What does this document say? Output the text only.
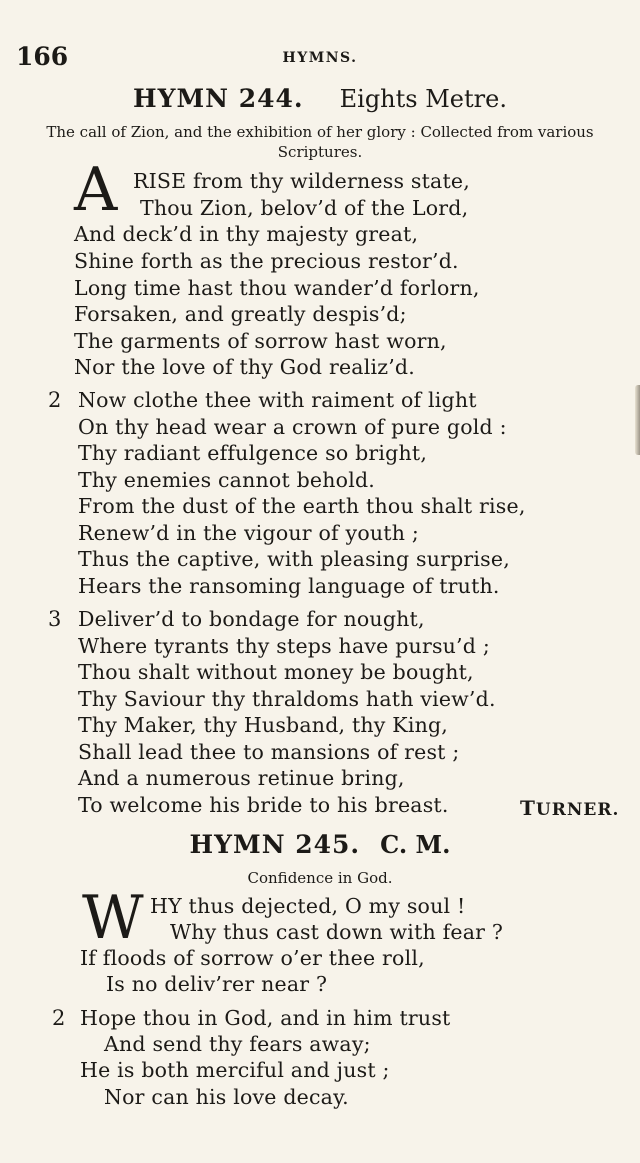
166	HYMNS.
HYMN 244. Eights Metre.
The call of Zion, and the exhibition of her glory : Collected from various Scriptures.
A RISE from thy wilderness state,
Thou Zion, belov’d of the Lord,
And deck’d in thy majesty great,
Shine forth as the precious restor’d.
Long time hast thou wander’d forlorn,
Forsaken, and greatly despis’d;
The garments of sorrow hast worn,
Nor the love of thy God realiz’d.
2 Now clothe thee with raiment of light
On thy head wear a crown of pure gold :
Thy radiant effulgence so bright,
Thy enemies cannot behold.
From the dust of the earth thou shalt rise,
Renew’d in the vigour of youth ;
Thus the captive, with pleasing surprise,
Hears the ransoming language of truth.
3 Deliver’d to bondage for nought,
Where tyrants thy steps have pursu’d ;
Thou shalt without money be bought,
Thy Saviour thy thraldoms hath view’d.
Thy Maker, thy Husband, thy King,
Shall lead thee to mansions of rest ;
And a numerous retinue bring,
To welcome his bride to his breast.	TURNER.
HYMN 245. C. M.
Confidence in God.
W HY thus dejected, O my soul !
Why thus cast down with fear ?
If floods of sorrow o’er thee roll,
Is no deliv’rer near ?
2 Hope thou in God, and in him trust
And send thy fears away;
He is both merciful and just ;
Nor can his love decay.
